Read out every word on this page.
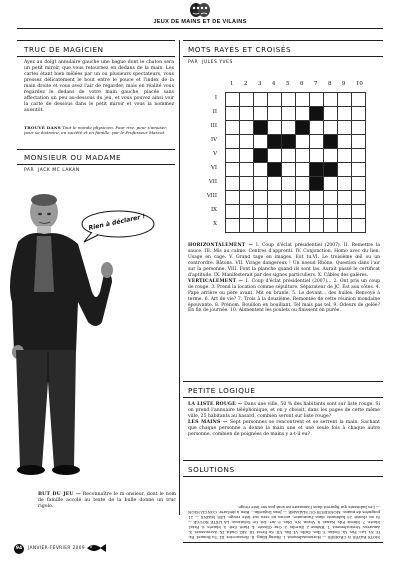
JEUX DE MAINS ET DE VILAINS
TRUC DE MAGICIEN
Ayez au doigt annulaire gauche une bague dont le chaton sera un petit miroir, que vous retournez en dedans de la main. Les cartes étant bien mêlées par un ou plusieurs spectateurs, vous pressez délicatement le bout entre le pouce et l'index de la main droite et vous avez l'air de regarder, mais en réalité vous regardez le dedans de votre main gauche, placée sans affectation un peu au-dessous du jeu, et vous pouvez ainsi voir la carte de dessous dans le petit miroir et vous la nommez aussitôt.
TROUVÉ DANS Tout le monde physicien. Pour rire, pour s'amuser, pour se distraire, en société et en famille, par le Professeur Mascot.
MONSIEUR OU MADAME
PAR JACK MC LAKAN
Rien à déclarer !
BUT DU JEU — Reconnaître le m onsieur, dont le nom de famille accolé au texte de la bulle donne un truc rigolo.
MOTS RAYÉS ET CROISÉS
PAR JULES YVES
1 2 3 4 5 6 7 8 9 10
I
II
III
IV
V
VI
VII
VIII
IX
X

HORIZONTALEMENT — I. Coup d'éclat présidentiel (2007). II. Remettre la sauce. III. Mis au calme. Centres d'apprenti. IV. Conjonction. Homo avec du lien. Usage en cage. V. Grand tage en images. Eut tu.VI. Le troisième œil ou un contrordre. Bâtons. VII. Virage dangereux ! Un noeud Rhône. Question dans l'air sur la personne. VIII. Font la planche quand ils sont las. Aurait passé le certificat d'aptitude. IX. Manifesterait par des signes particuliers. X. Câbles des galères.
VERTICALEMENT — 1. Coup d'éclat présidentiel (2007)... 2. Ont pris un coup de rouge. 3. Prend la location comme sépulture. Séparateur de JC. Est aux côtes. 4. Pape arrière ou père avant. Mit en branle. 5. Le devant... des huiles. Renvoyé à terme. 6. Art de vie? 7. Trois à la douzième. Remontée de cette réunion mondaine épouvante. 8. Prénom. Bouillon en bouillant. Tel mais pas tel. 9. Odeurs de gelée? En fin de journée. 10. Alimentent les poulets ou finissent en purée.
PETITE LOGIQUE
LA LISTE ROUGE — Dans une ville, 50 % des habitants sont sur liste rouge. Si on prend l'annuaire téléphonique, et on y choisit, dans les pages de cette même ville, 25 habitants au hasard, combien seront sur liste rouge?
LES MAINS — Sept personnes se rencontrent et se serrent la main. Sachant que chaque personne a donné la main une et une seule fois à chaque autre personne, combien de poignées de mains y a-t-il eu?
SOLUTIONS
MOTS RAYÉS & CROISÉS — Horizontalement. I. Rising bling. II. Resauceter. III. Tu Ronnel. Ex. IV. Ni. Lac. Pas. Va. Sodas. V. Ibis. Sulfo. VI. Bis. VII. Sn Erest. III. Mil. Ondit. IX. Ascenseurs. X. Amarras. Verticalement. 1. Rhôme 2. Eurolis. 3. Onr. Glissée. 4. Haté. Seit. 5. Mairés. 6. Fatal. Morte. 7. Miroir. Fils. Nanat. 8. Veron. Ne. Olas. 9. Art. Dit. Or. Solutions. LA LISTE ROUGE — Si on choisit 25 habitants dans l'annuaire, aucun ne sera sur liste rouge. LES MAINS — 21 poignées de mains. MONSIEUR OU MADAME — Jean Dujardin... Rien à déclarer. CONCLUSION — Les habitants qui figurent dans l'annuaire ne sont pas sur liste rouge.
94	JANVIER-FÉVRIER 2009
